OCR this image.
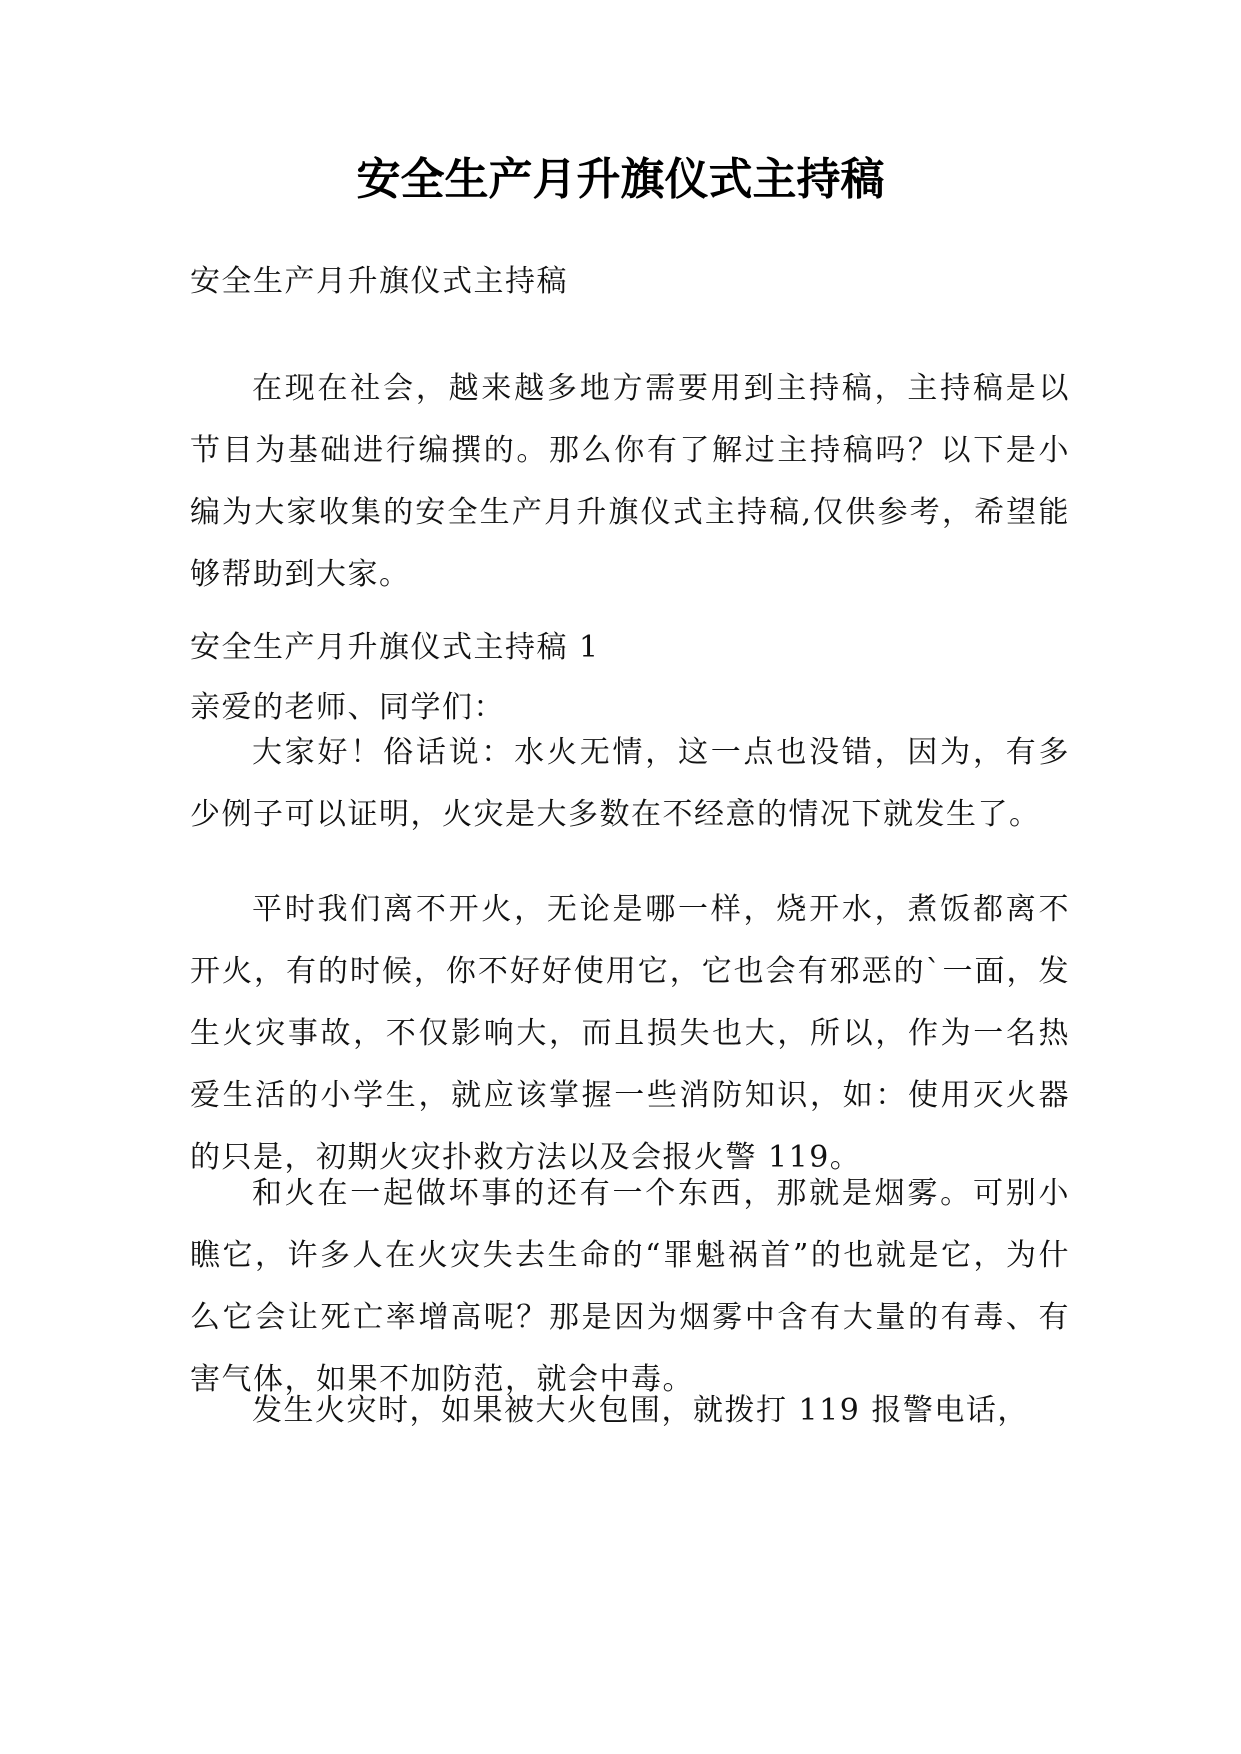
安全生产月升旗仪式主持稿
安全生产月升旗仪式主持稿
在现在社会，越来越多地方需要用到主持稿，主持稿是以节目为基础进行编撰的。那么你有了解过主持稿吗？以下是小编为大家收集的安全生产月升旗仪式主持稿,仅供参考，希望能够帮助到大家。
安全生产月升旗仪式主持稿 1
亲爱的老师、同学们：
大家好！俗话说：水火无情，这一点也没错，因为，有多少例子可以证明，火灾是大多数在不经意的情况下就发生了。
平时我们离不开火，无论是哪一样，烧开水，煮饭都离不开火，有的时候，你不好好使用它，它也会有邪恶的`一面，发生火灾事故，不仅影响大，而且损失也大，所以，作为一名热爱生活的小学生，就应该掌握一些消防知识，如：使用灭火器的只是，初期火灾扑救方法以及会报火警 119。
和火在一起做坏事的还有一个东西，那就是烟雾。可别小瞧它，许多人在火灾失去生命的“罪魁祸首”的也就是它，为什么它会让死亡率增高呢？那是因为烟雾中含有大量的有毒、有害气体，如果不加防范，就会中毒。
发生火灾时，如果被大火包围，就拨打 119 报警电话，
